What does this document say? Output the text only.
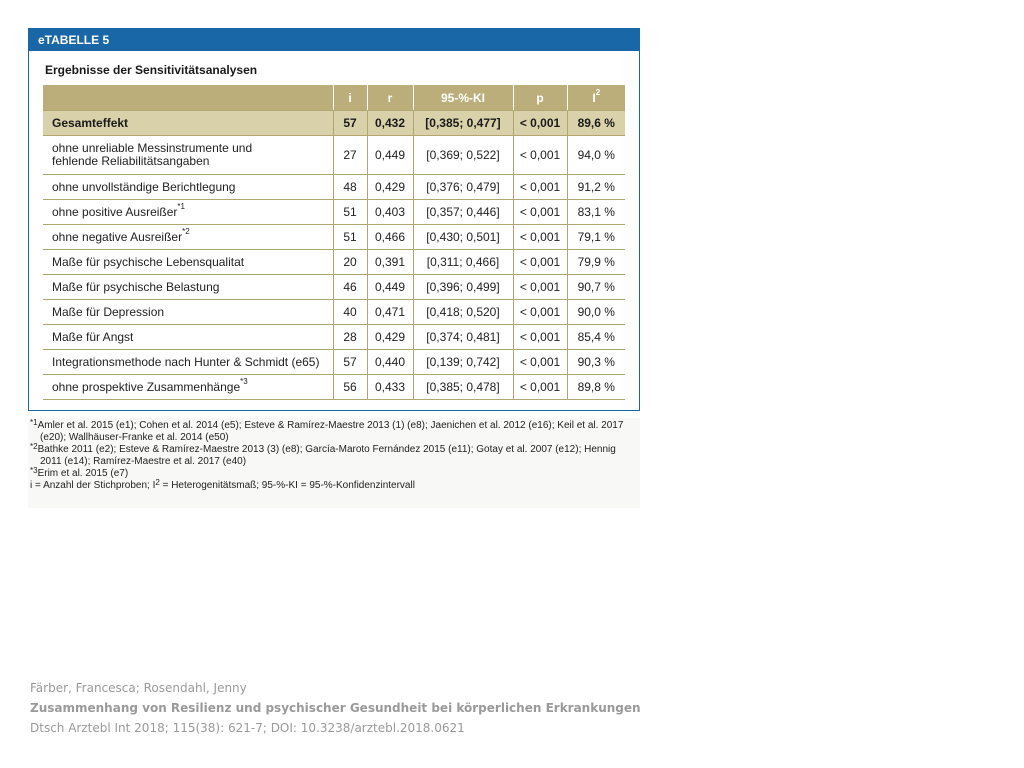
eTABELLE 5
Ergebnisse der Sensitivitätsanalysen
	i	r	95-%-KI	p	$I^2$
Gesamteffekt	57	0,432	[0,385; 0,477]	< 0,001	89,6 %
ohne unreliable Messinstrumente und
fehlende Reliabilitätsangaben	27	0,449	[0,369; 0,522]	< 0,001	94,0 %
ohne unvollständige Berichtlegung	48	0,429	[0,376; 0,479]	< 0,001	91,2 %
ohne positive Ausreißer$^{*1}$	51	0,403	[0,357; 0,446]	< 0,001	83,1 %
ohne negative Ausreißer$^{*2}$	51	0,466	[0,430; 0,501]	< 0,001	79,1 %
Maße für psychische Lebensqualitat	20	0,391	[0,311; 0,466]	< 0,001	79,9 %
Maße für psychische Belastung	46	0,449	[0,396; 0,499]	< 0,001	90,7 %
Maße für Depression	40	0,471	[0,418; 0,520]	< 0,001	90,0 %
Maße für Angst	28	0,429	[0,374; 0,481]	< 0,001	85,4 %
Integrationsmethode nach Hunter & Schmidt (e65)	57	0,440	[0,139; 0,742]	< 0,001	90,3 %
ohne prospektive Zusammenhänge$^{*3}$	56	0,433	[0,385; 0,478]	< 0,001	89,8 %
$^{*1}$Amler et al. 2015 (e1); Cohen et al. 2014 (e5); Esteve & Ramírez-Maestre 2013 (1) (e8); Jaenichen et al. 2012 (e16); Keil et al. 2017
(e20); Wallhäuser-Franke et al. 2014 (e50)
$^{*2}$Bathke 2011 (e2); Esteve & Ramírez-Maestre 2013 (3) (e8); García-Maroto Fernández 2015 (e11); Gotay et al. 2007 (e12); Hennig
2011 (e14); Ramírez-Maestre et al. 2017 (e40)
$^{*3}$Erim et al. 2015 (e7)
i = Anzahl der Stichproben; $I^2$ = Heterogenitätsmaß; 95-%-KI = 95-%-Konfidenzintervall
Färber, Francesca; Rosendahl, Jenny
Zusammenhang von Resilienz und psychischer Gesundheit bei körperlichen Erkrankungen
Dtsch Arztebl Int 2018; 115(38): 621-7; DOI: 10.3238/arztebl.2018.0621
